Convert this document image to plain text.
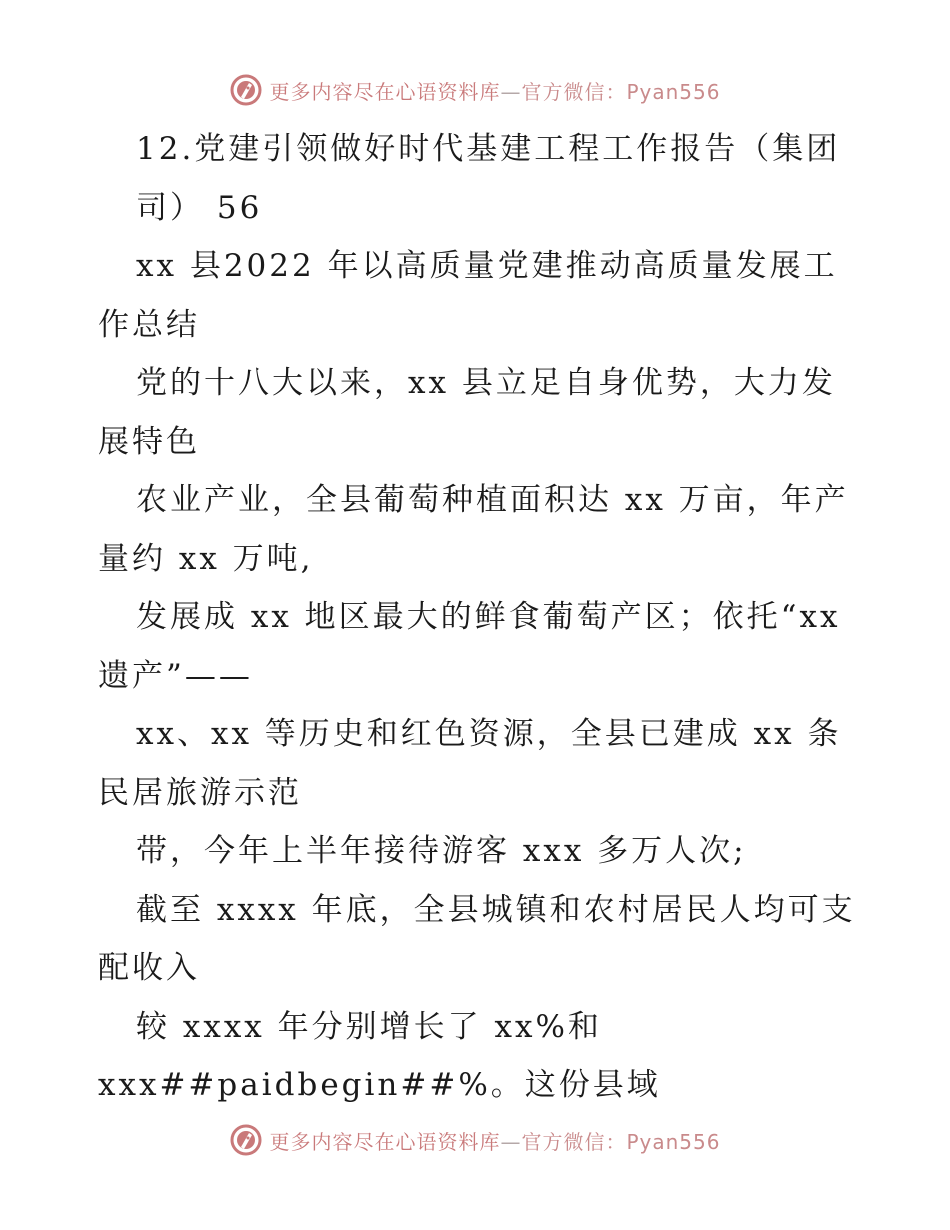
更多内容尽在心语资料库—官方微信：Pyan556
12.党建引领做好时代基建工程工作报告（集团
司） 56
xx 县2022 年以高质量党建推动高质量发展工
作总结
党的十八大以来，xx 县立足自身优势，大力发
展特色
农业产业，全县葡萄种植面积达 xx 万亩，年产
量约 xx 万吨,
发展成 xx 地区最大的鲜食葡萄产区；依托“xx
遗产”——
xx、xx 等历史和红色资源，全县已建成 xx 条
民居旅游示范
带，今年上半年接待游客 xxx 多万人次;
截至 xxxx 年底，全县城镇和农村居民人均可支
配收入
较 xxxx 年分别增长了 xx%和
xxx##paidbegin##%。这份县域
更多内容尽在心语资料库—官方微信：Pyan556
